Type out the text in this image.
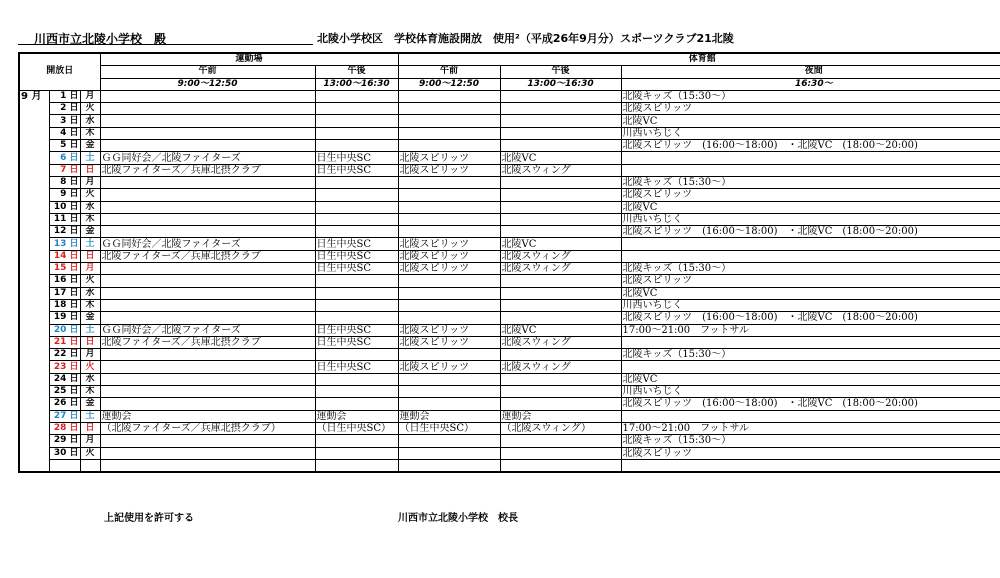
川西市立北陵小学校　殿	北陵小学校区　学校体育施設開放　使用²（平成26年9月分） スポーツクラブ21北陵
開放日			運動場		体育館		
			午前	午後	午前	午後	夜間
			9:00～12:50	13:00～16:30	9:00～12:50	13:00～16:30	16:30～
9 月	1 日	月					北陵キッズ（15:30～）
	2 日	火					北陵スピリッツ
	3 日	水					北陵VC
	4 日	木					川西いちじく
	5 日	金					北陵スピリッツ　(16:00～18:00)　・北陵VC　(18:00～20:00)
	6 日	土	ＧＧ同好会／北陵ファイターズ	日生中央SC	北陵スピリッツ	北陵VC	
	7 日	日	北陵ファイターズ／兵庫北摂クラブ	日生中央SC	北陵スピリッツ	北陵スウィング	
	8 日	月					北陵キッズ（15:30～）
	9 日	火					北陵スピリッツ
	10 日	水					北陵VC
	11 日	木					川西いちじく
	12 日	金					北陵スピリッツ　(16:00～18:00)　・北陵VC　(18:00～20:00)
	13 日	土	ＧＧ同好会／北陵ファイターズ	日生中央SC	北陵スピリッツ	北陵VC	
	14 日	日	北陵ファイターズ／兵庫北摂クラブ	日生中央SC	北陵スピリッツ	北陵スウィング	
	15 日	月		日生中央SC	北陵スピリッツ	北陵スウィング	北陵キッズ（15:30～）
	16 日	火					北陵スピリッツ
	17 日	水					北陵VC
	18 日	木					川西いちじく
	19 日	金					北陵スピリッツ　(16:00～18:00)　・北陵VC　(18:00～20:00)
	20 日	土	ＧＧ同好会／北陵ファイターズ	日生中央SC	北陵スピリッツ	北陵VC	17:00～21:00　フットサル
	21 日	日	北陵ファイターズ／兵庫北摂クラブ	日生中央SC	北陵スピリッツ	北陵スウィング	
	22 日	月					北陵キッズ（15:30～）
	23 日	火		日生中央SC	北陵スピリッツ	北陵スウィング	
	24 日	水					北陵VC
	25 日	木					川西いちじく
	26 日	金					北陵スピリッツ　(16:00～18:00)　・北陵VC　(18:00～20:00)
	27 日	土	運動会	運動会	運動会	運動会	
	28 日	日	（北陵ファイターズ／兵庫北摂クラブ）	（日生中央SC）	（日生中央SC）	（北陵スウィング）	17:00～21:00　フットサル
	29 日	月					北陵キッズ（15:30～）
	30 日	火					北陵スピリッツ

上記使用を許可する	川西市立北陵小学校　校長
